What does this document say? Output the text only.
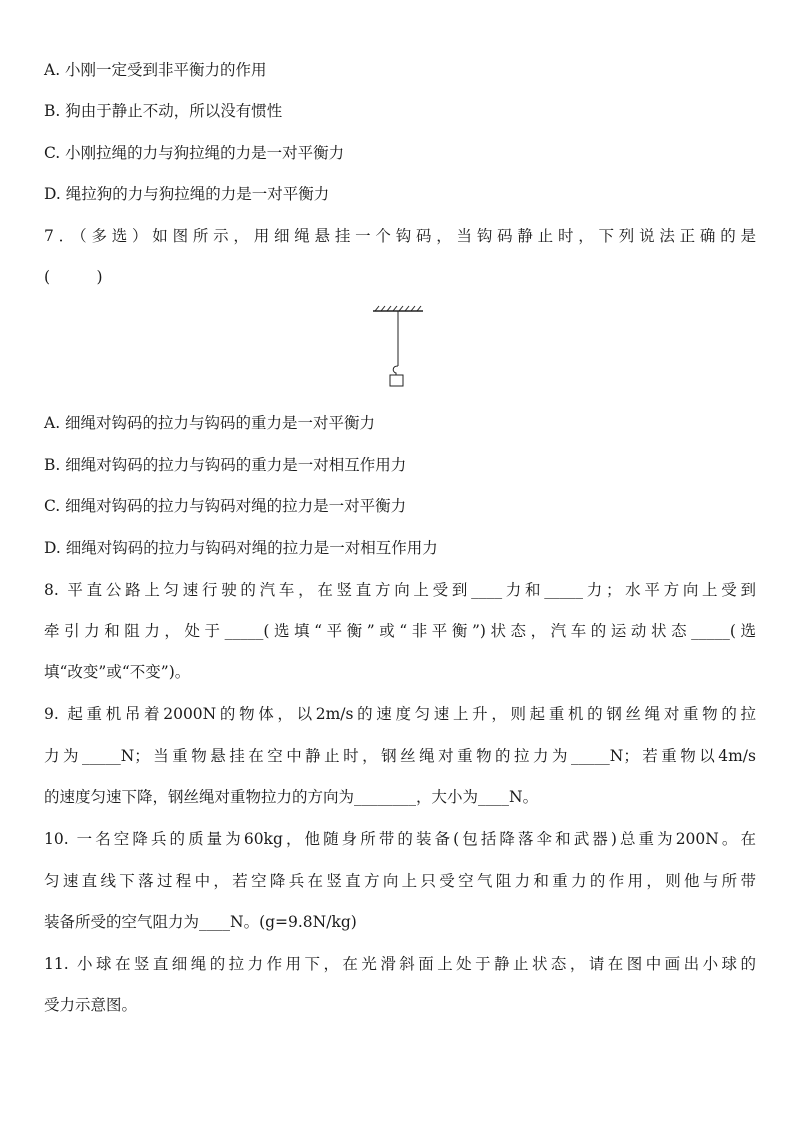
A. 小刚一定受到非平衡力的作用
B. 狗由于静止不动，所以没有惯性
C. 小刚拉绳的力与狗拉绳的力是一对平衡力
D. 绳拉狗的力与狗拉绳的力是一对平衡力
7．（多选）如图所示，用细绳悬挂一个钩码，当钩码静止时，下列说法正确的是
(　　　)
A. 细绳对钩码的拉力与钩码的重力是一对平衡力
B. 细绳对钩码的拉力与钩码的重力是一对相互作用力
C. 细绳对钩码的拉力与钩码对绳的拉力是一对平衡力
D. 细绳对钩码的拉力与钩码对绳的拉力是一对相互作用力
8. 平直公路上匀速行驶的汽车，在竖直方向上受到____力和_____力；水平方向上受到
牵引力和阻力，处于_____(选填“平衡”或“非平衡”)状态，汽车的运动状态_____(选
填“改变”或“不变”)。
9. 起重机吊着2000N的物体，以2m/s的速度匀速上升，则起重机的钢丝绳对重物的拉
力为_____N；当重物悬挂在空中静止时，钢丝绳对重物的拉力为_____N；若重物以4m/s
的速度匀速下降，钢丝绳对重物拉力的方向为________，大小为____N。
10. 一名空降兵的质量为60kg，他随身所带的装备(包括降落伞和武器)总重为200N。在
匀速直线下落过程中，若空降兵在竖直方向上只受空气阻力和重力的作用，则他与所带
装备所受的空气阻力为____N。(g=9.8N/kg)
11. 小球在竖直细绳的拉力作用下，在光滑斜面上处于静止状态，请在图中画出小球的
受力示意图。
